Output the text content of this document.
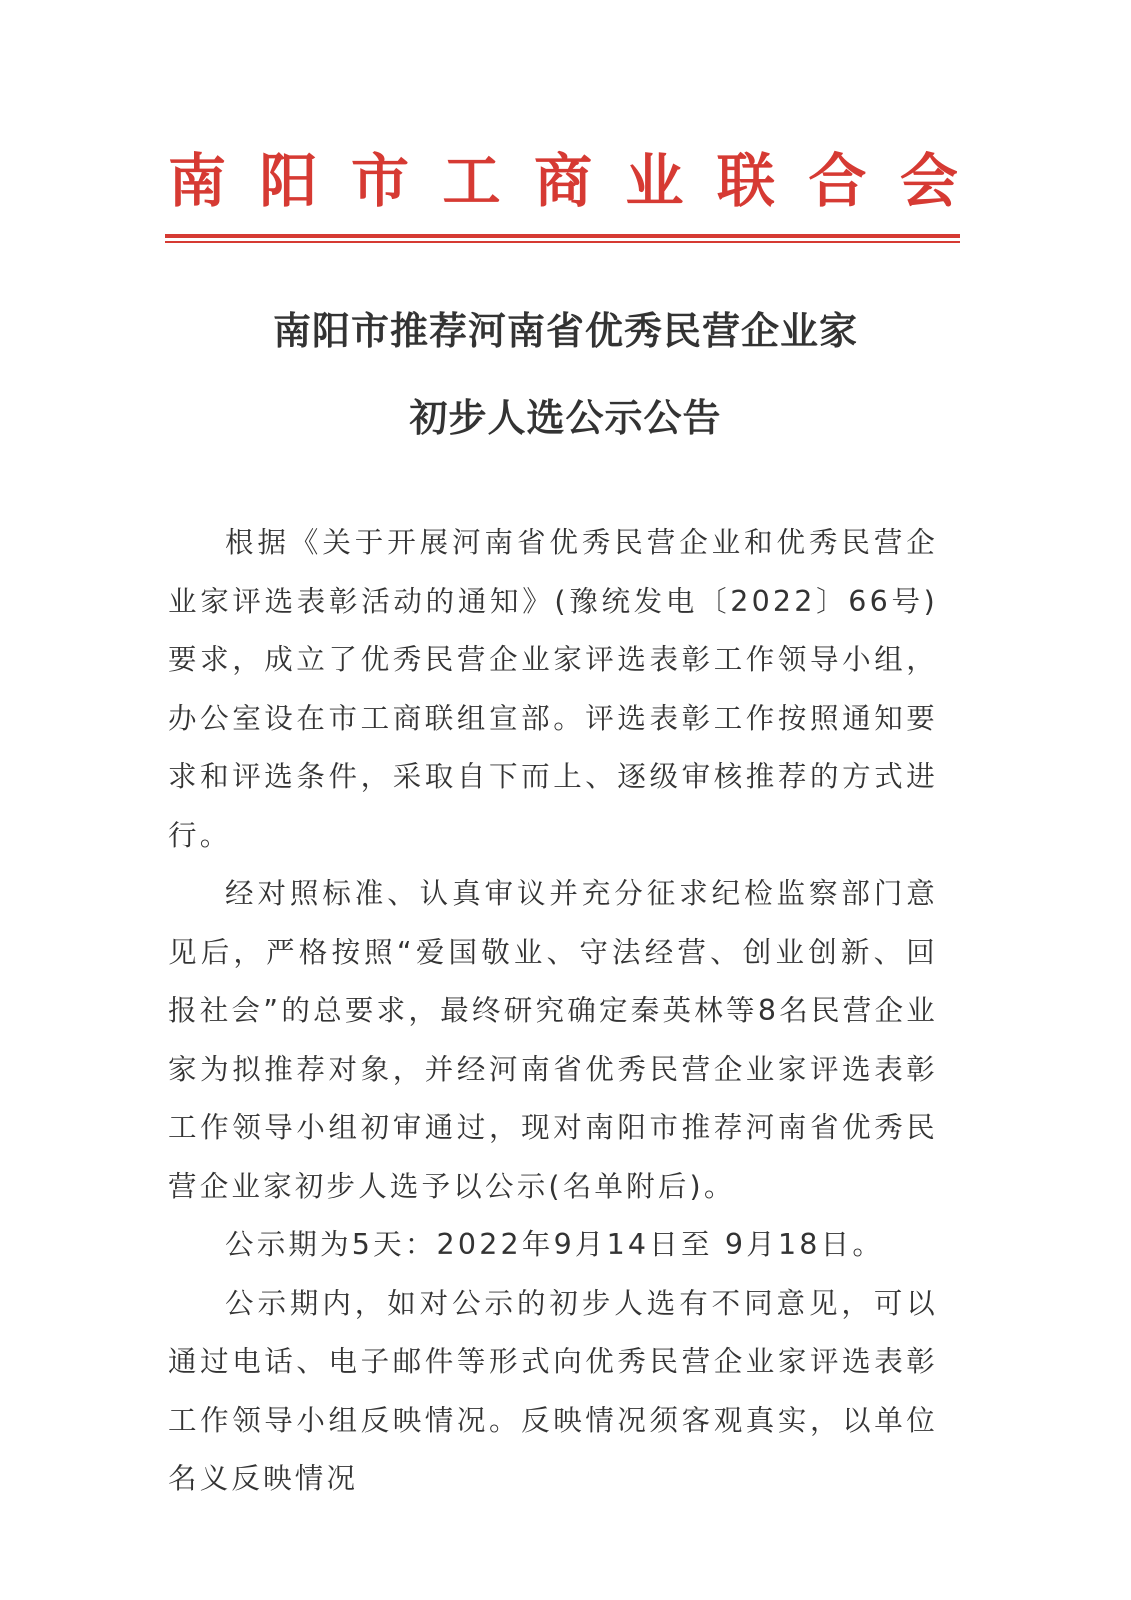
南 阳 市 工 商 业 联 合 会
南阳市推荐河南省优秀民营企业家
初步人选公示公告

根据《关于开展河南省优秀民营企业和优秀民营企业家评选表彰活动的通知》(豫统发电〔2022〕66号)要求，成立了优秀民营企业家评选表彰工作领导小组，办公室设在市工商联组宣部。评选表彰工作按照通知要求和评选条件，采取自下而上、逐级审核推荐的方式进行。

经对照标准、认真审议并充分征求纪检监察部门意见后，严格按照“爱国敬业、守法经营、创业创新、回报社会”的总要求，最终研究确定秦英林等8名民营企业家为拟推荐对象，并经河南省优秀民营企业家评选表彰工作领导小组初审通过，现对南阳市推荐河南省优秀民营企业家初步人选予以公示(名单附后)。

公示期为5天：2022年9月14日至 9月18日。

公示期内，如对公示的初步人选有不同意见，可以通过电话、电子邮件等形式向优秀民营企业家评选表彰工作领导小组反映情况。反映情况须客观真实，以单位名义反映情况
